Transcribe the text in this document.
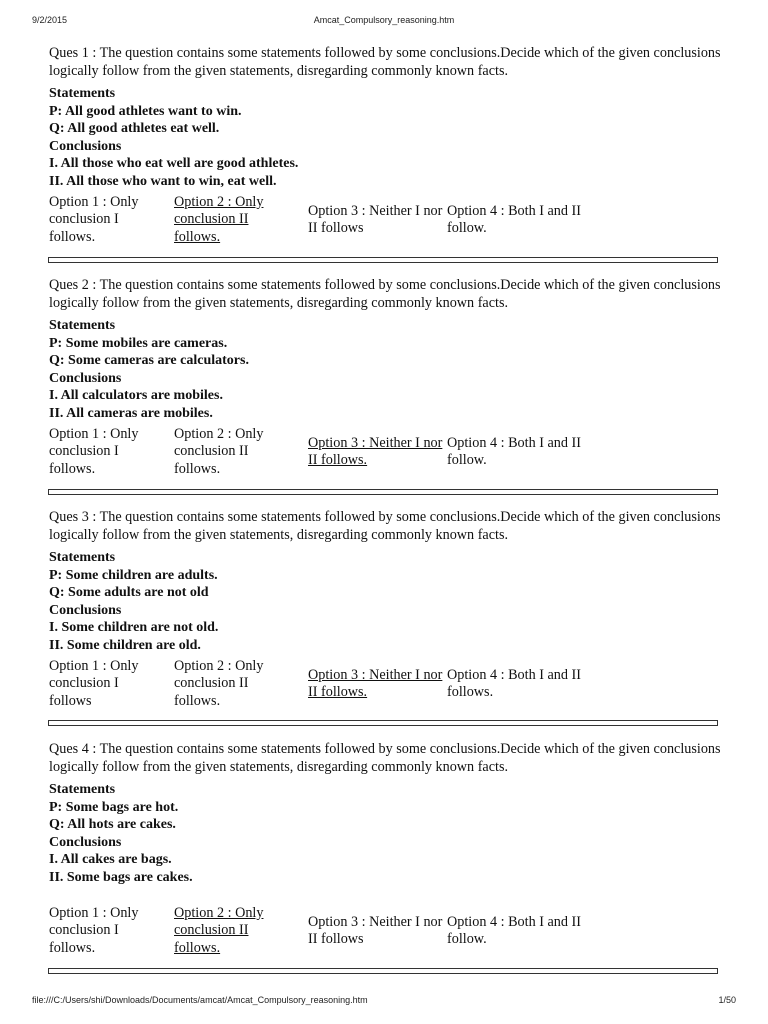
9/2/2015	Amcat_Compulsory_reasoning.htm

Ques 1 : The question contains some statements followed by some conclusions.Decide which of the given conclusions logically follow from the given statements, disregarding commonly known facts.

Statements
P: All good athletes want to win.
Q: All good athletes eat well.
Conclusions
I. All those who eat well are good athletes.
II. All those who want to win, eat well.
Option 1 : Only conclusion I follows.
Option 2 : Only conclusion II follows.
Option 3 : Neither I nor II follows
Option 4 : Both I and II follow.

Ques 2 : The question contains some statements followed by some conclusions.Decide which of the given conclusions logically follow from the given statements, disregarding commonly known facts.

Statements
P: Some mobiles are cameras.
Q: Some cameras are calculators.
Conclusions
I. All calculators are mobiles.
II. All cameras are mobiles.
Option 1 : Only conclusion I follows.
Option 2 : Only conclusion II follows.
Option 3 : Neither I nor II follows.
Option 4 : Both I and II follow.

Ques 3 : The question contains some statements followed by some conclusions.Decide which of the given conclusions logically follow from the given statements, disregarding commonly known facts.

Statements
P: Some children are adults.
Q: Some adults are not old
Conclusions
I. Some children are not old.
II. Some children are old.
Option 1 : Only conclusion I follows
Option 2 : Only conclusion II follows.
Option 3 : Neither I nor II follows.
Option 4 : Both I and II follows.

Ques 4 : The question contains some statements followed by some conclusions.Decide which of the given conclusions logically follow from the given statements, disregarding commonly known facts.

Statements
P: Some bags are hot.
Q: All hots are cakes.
Conclusions
I. All cakes are bags.
II. Some bags are cakes.
Option 1 : Only conclusion I follows.
Option 2 : Only conclusion II follows.
Option 3 : Neither I nor II follows
Option 4 : Both I and II follow.
file:///C:/Users/shi/Downloads/Documents/amcat/Amcat_Compulsory_reasoning.htm	1/50
